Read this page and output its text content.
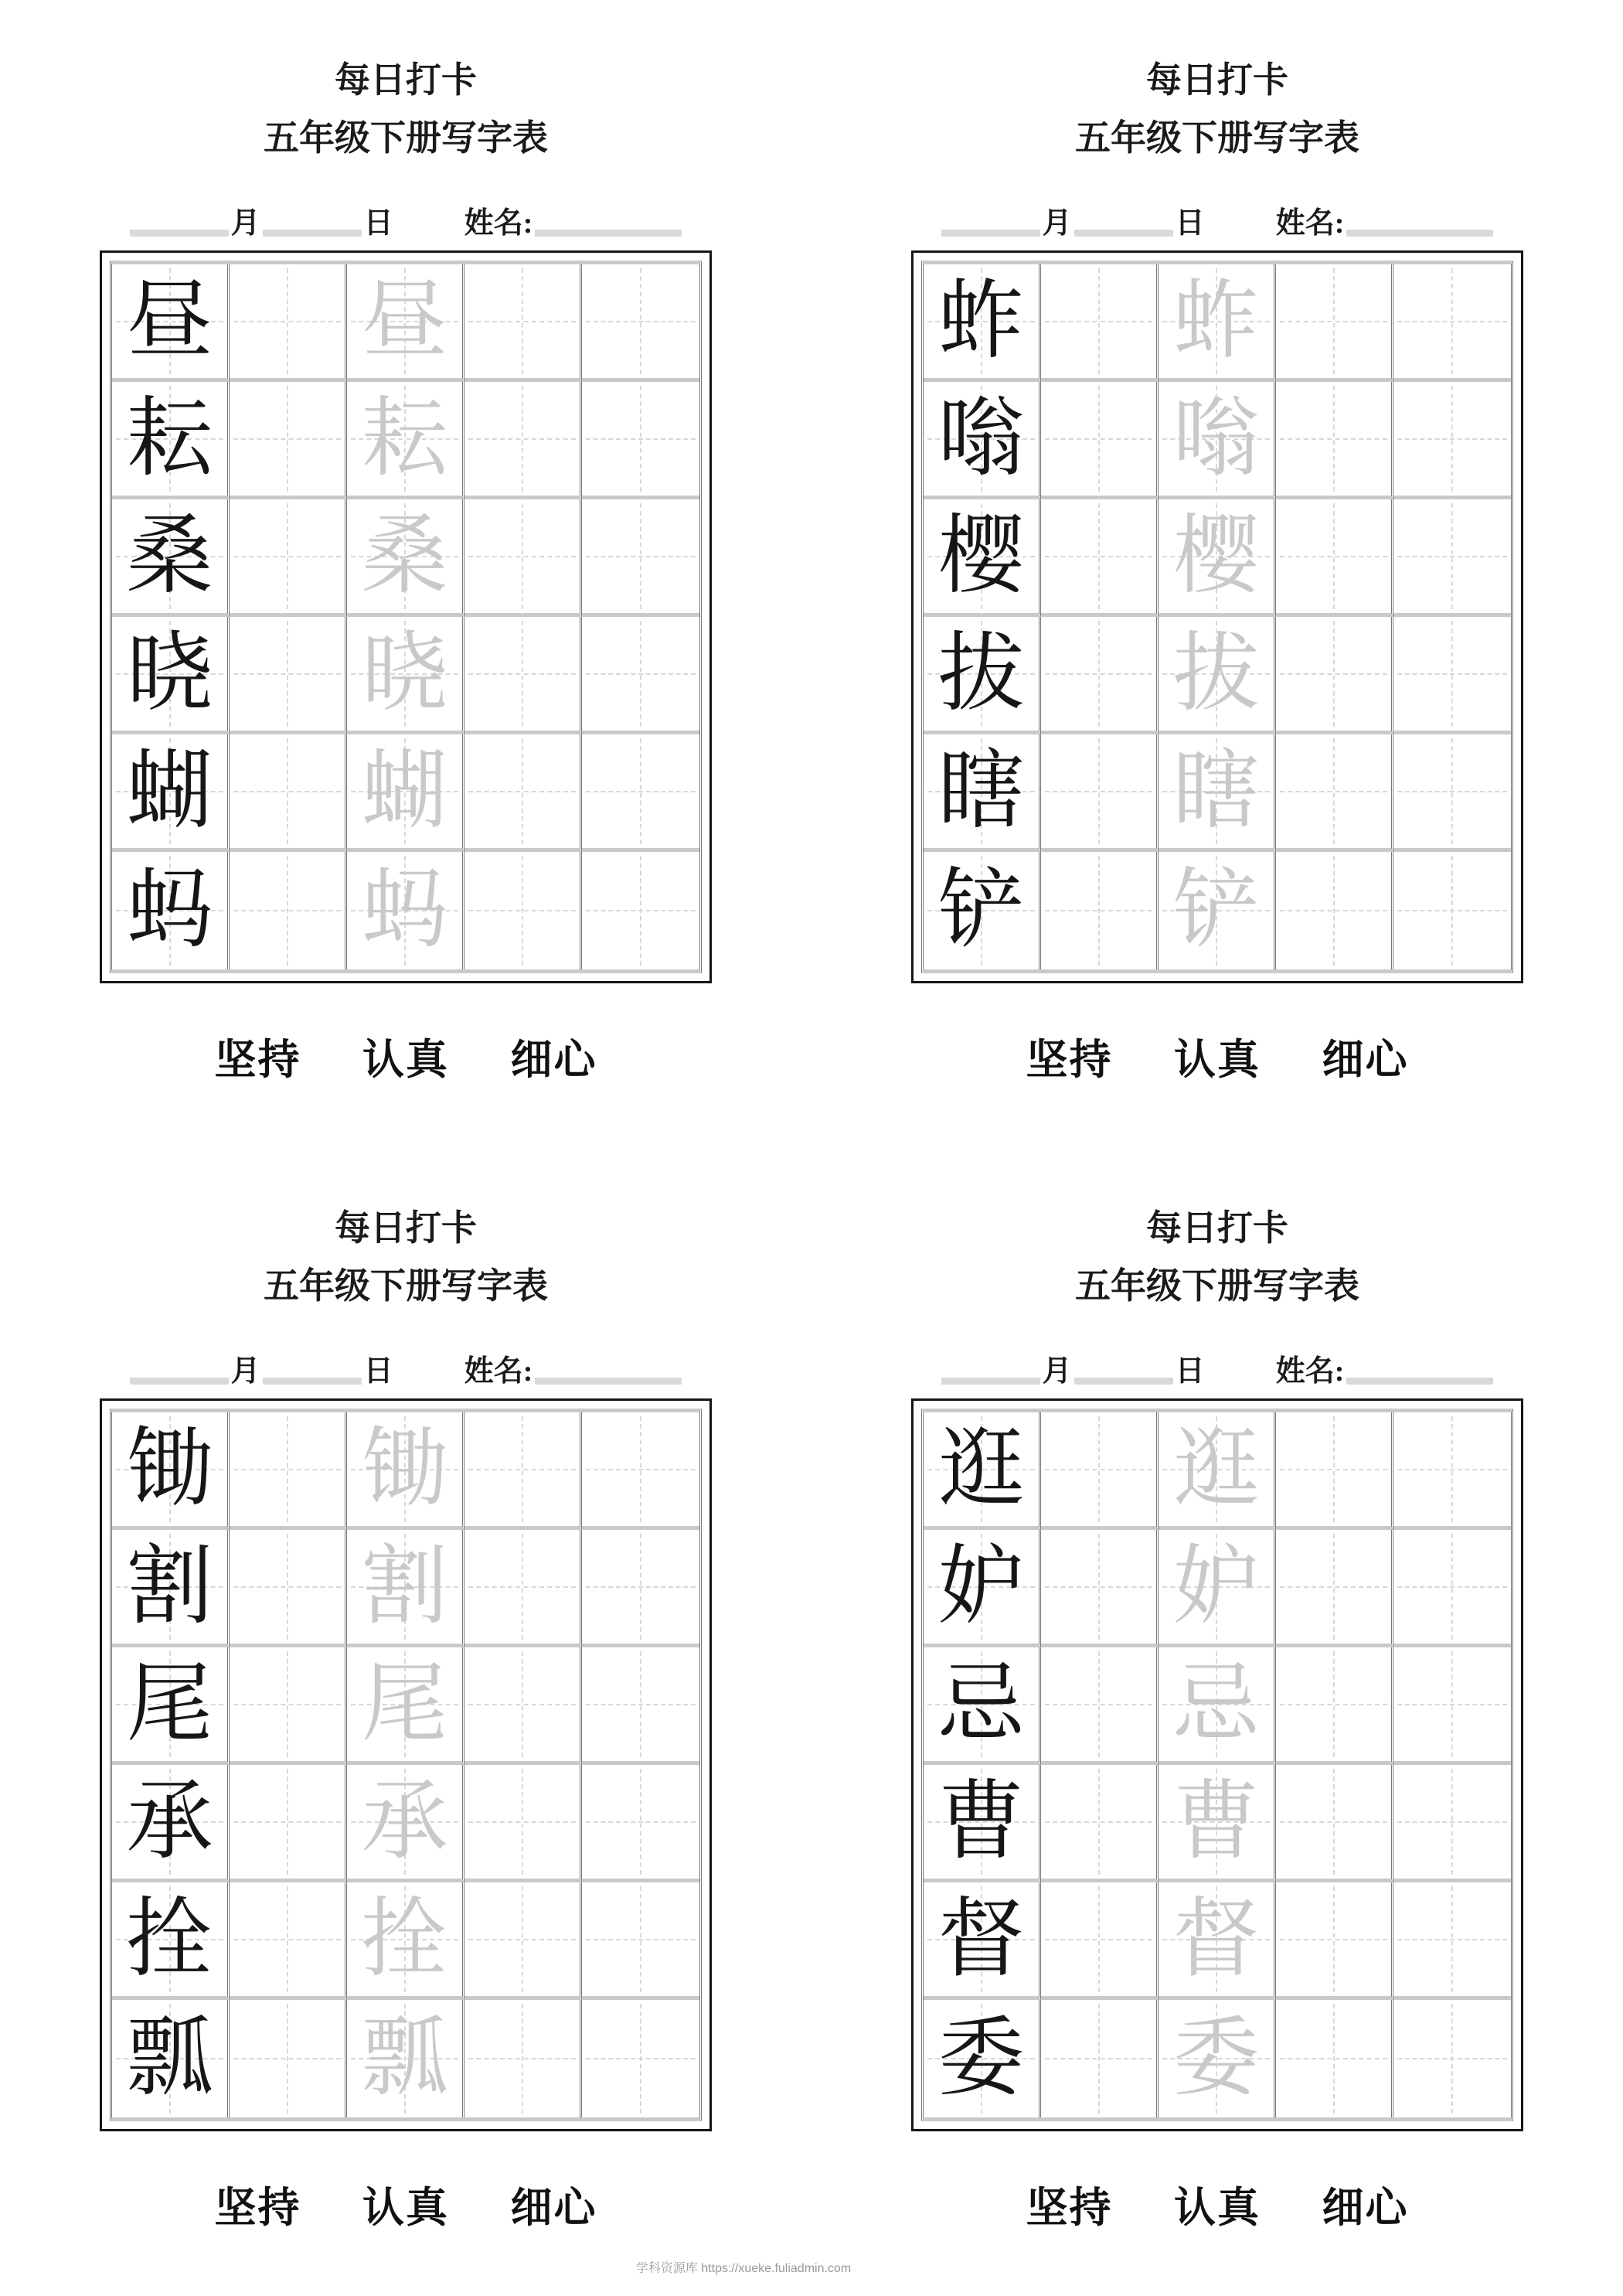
每日打卡
五年级下册写字表
月	日 姓名:
昼 昼
耘 耘
桑 桑
晓 晓
蝴 蝴
蚂 蚂
坚持 认真 细心
每日打卡
五年级下册写字表
月	日 姓名:
蚱 蚱
嗡 嗡
樱 樱
拔 拔
瞎 瞎
铲 铲
坚持 认真 细心
每日打卡
五年级下册写字表
月	日 姓名:
锄 锄
割 割
尾 尾
承 承
拴 拴
瓢 瓢
坚持 认真 细心
每日打卡
五年级下册写字表
月	日 姓名:
逛 逛
妒 妒
忌 忌
曹 曹
督 督
委 委
坚持 认真 细心
学科资源库 https://xueke.fuliadmin.com
